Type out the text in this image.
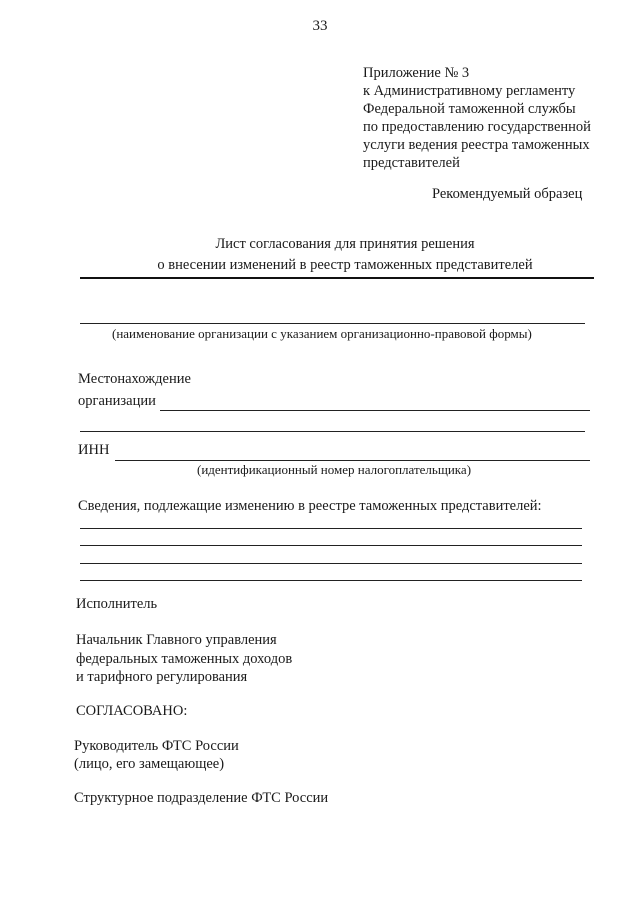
33
Приложение № 3
к Административному регламенту
Федеральной таможенной службы
по предоставлению государственной
услуги ведения реестра таможенных
представителей
Рекомендуемый образец
Лист согласования для принятия решения
о внесении изменений в реестр таможенных представителей
(наименование организации с указанием организационно-правовой формы)
Местонахождение
организации
ИНН
(идентификационный номер налогоплательщика)
Сведения, подлежащие изменению в реестре таможенных представителей:
Исполнитель
Начальник Главного управления
федеральных таможенных доходов
и тарифного регулирования
СОГЛАСОВАНО:
Руководитель ФТС России
(лицо, его замещающее)
Структурное подразделение ФТС России
